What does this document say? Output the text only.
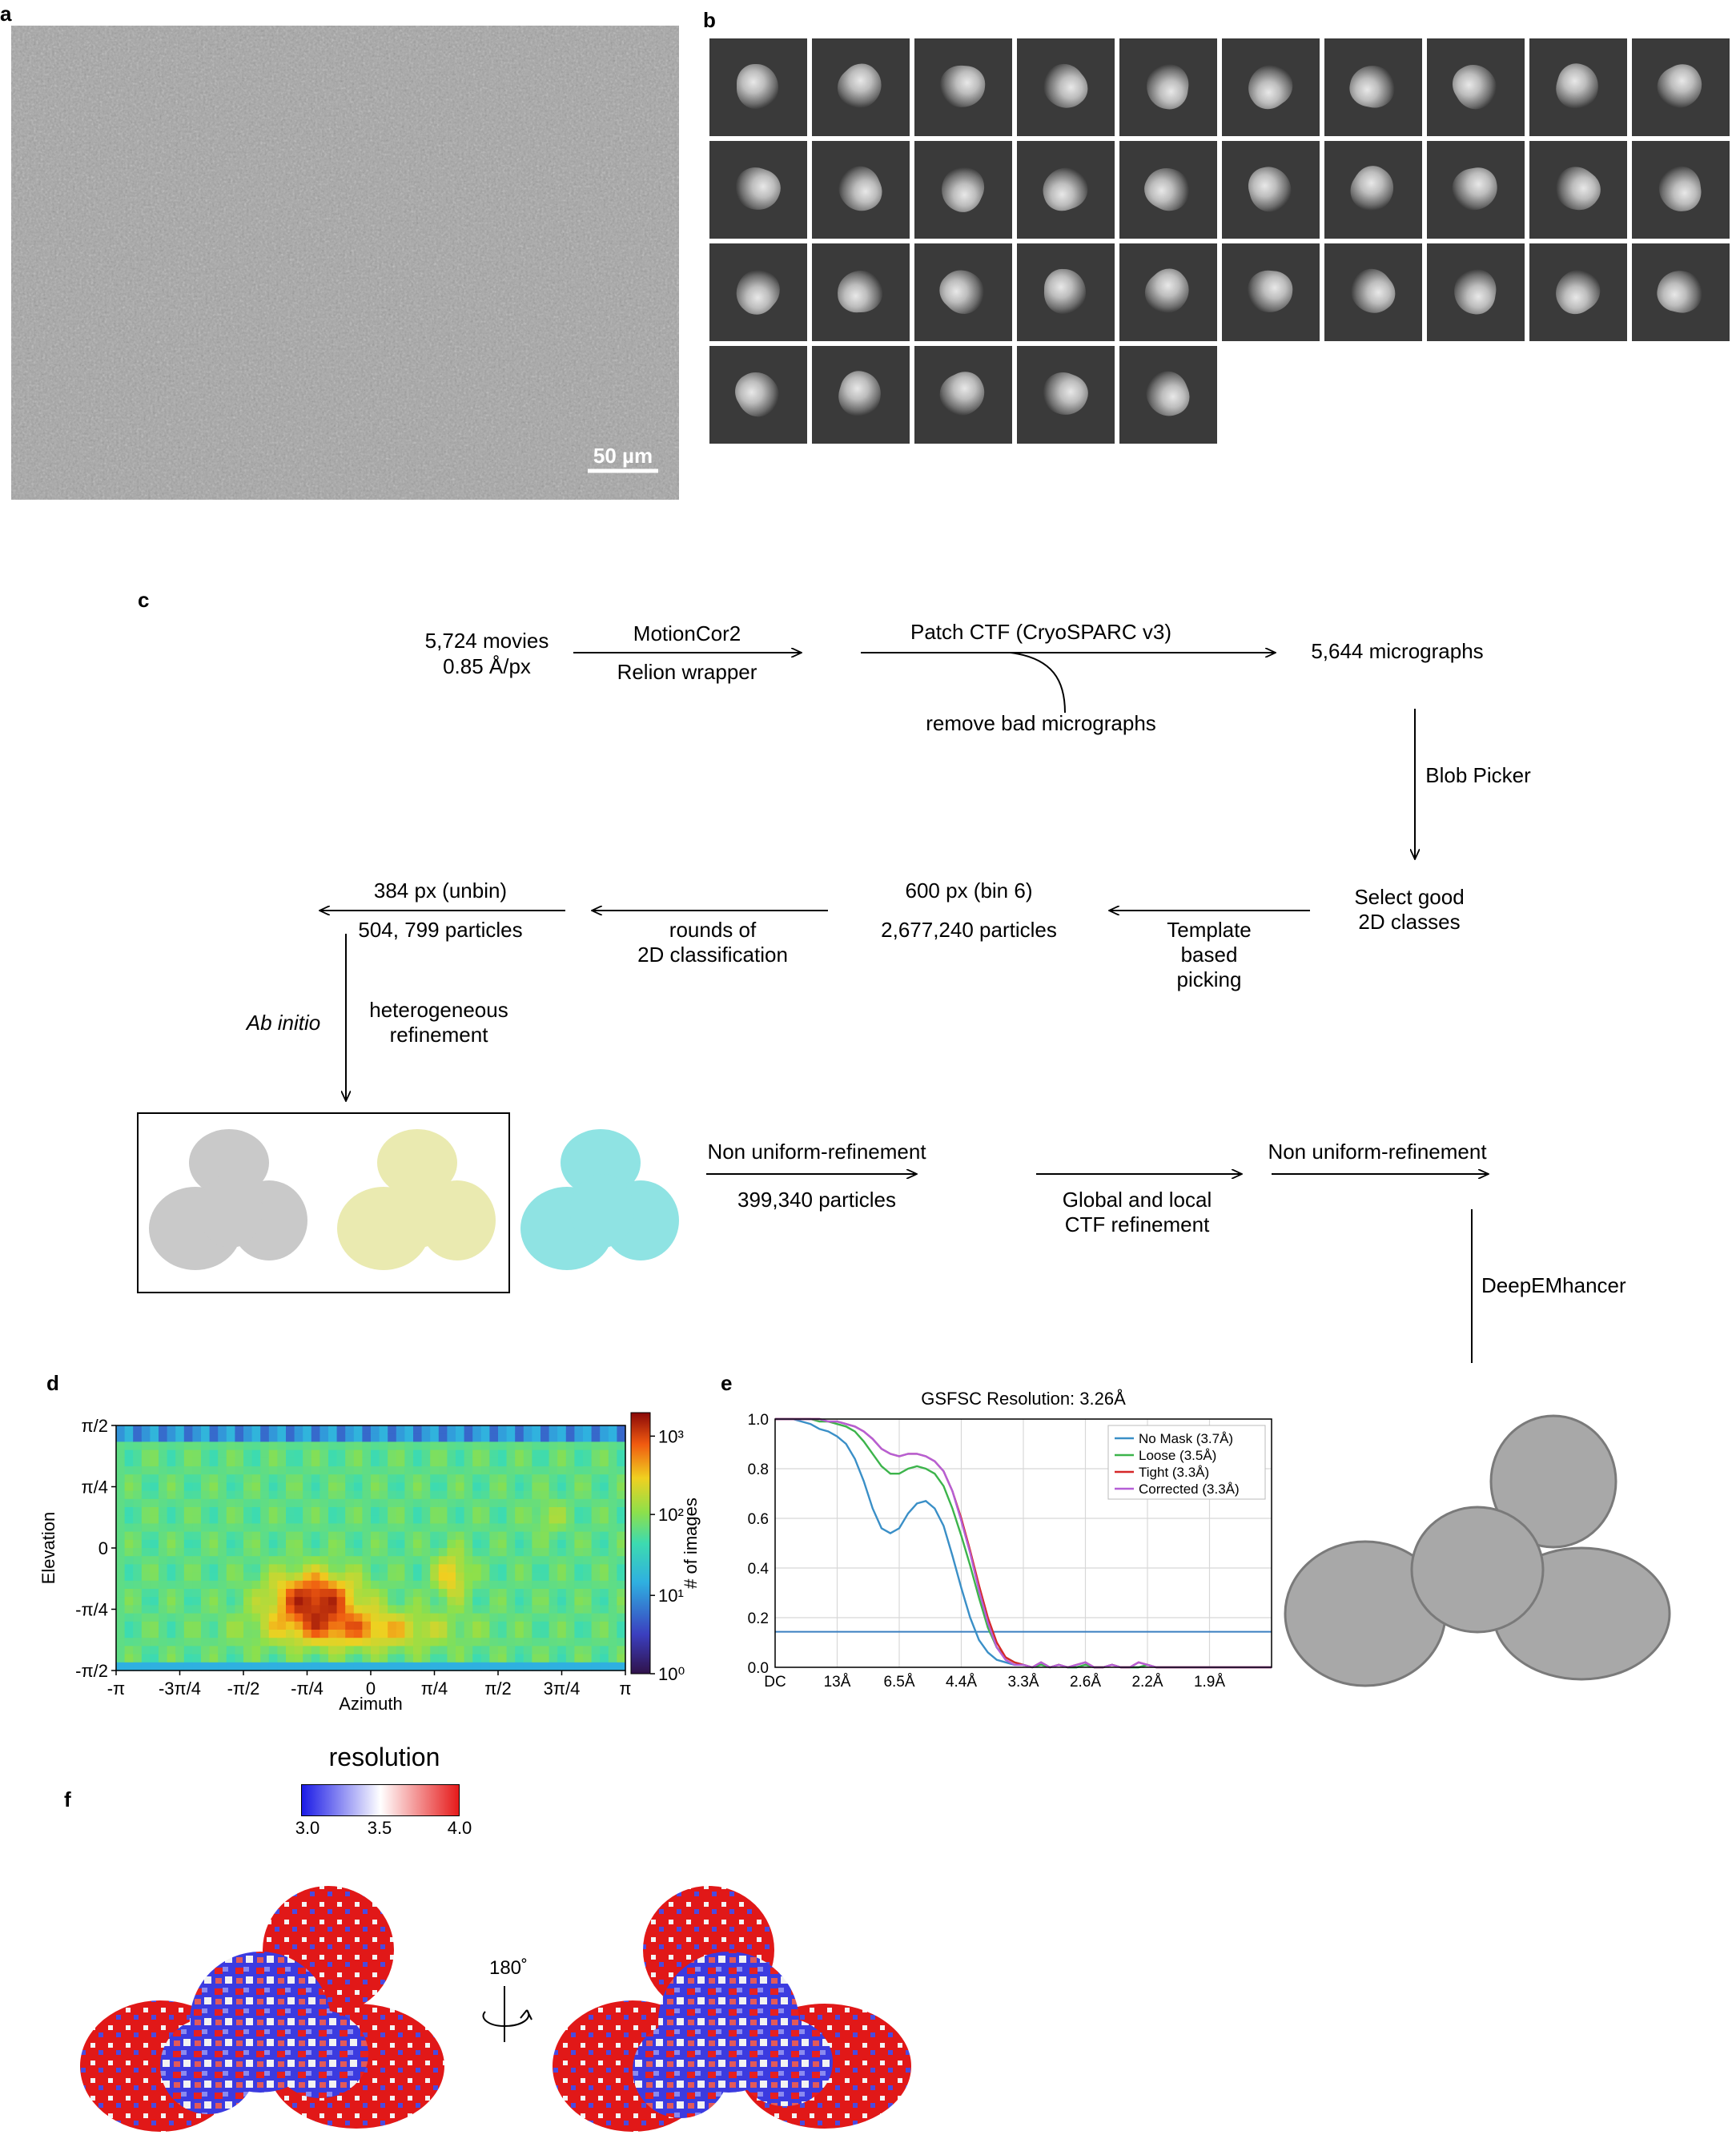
a	b
c
d	e
f
50 µm
5,724 movies
0.85 Å/px
MotionCor2
Relion wrapper
Patch CTF (CryoSPARC v3)
remove bad micrographs
5,644 micrographs
Blob Picker
Select good
2D classes
Template
based
picking
600 px (bin 6)
2,677,240 particles
rounds of
2D classification
384 px (unbin)
504, 799 particles
Ab initio
heterogeneous
refinement
Non uniform-refinement
399,340 particles	Global and local
CTF refinement
Non uniform-refinement
DeepEMhancer
-π -3π/4 -π/2 -π/4 0	π/4 π/2 3π/4 π
π/2
π/4
0
-π/4
-π/2
Azimuth
Elevation
10³
10²
10¹
10⁰
# of images
GSFSC Resolution: 3.26Å
DC 13Å 6.5Å 4.4Å 3.3Å 2.6Å 2.2Å 1.9Å
0.0
0.2
0.4
0.6
0.8
1.0
No Mask (3.7Å)
Loose (3.5Å)
Tight (3.3Å)
Corrected (3.3Å)
resolution
3.0	3.5	4.0
180˚
